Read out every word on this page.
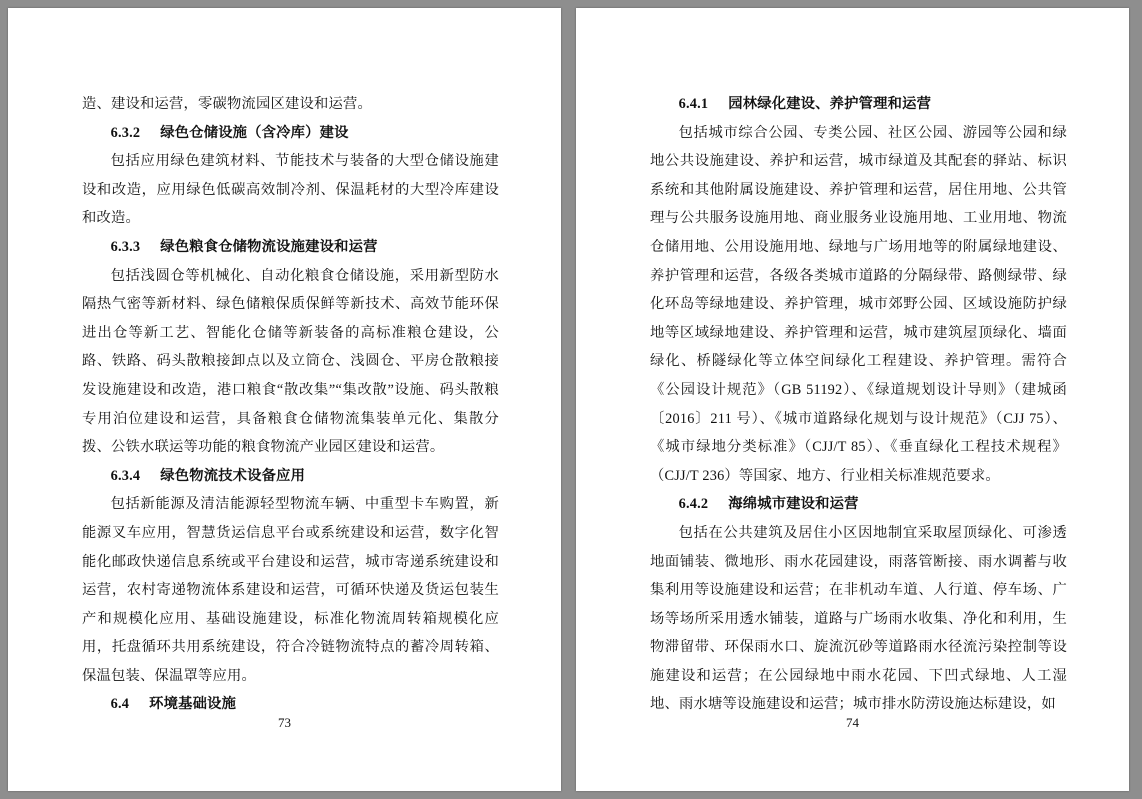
造、建设和运营，零碳物流园区建设和运营。

6.3.2 绿色仓储设施（含冷库）建设

包括应用绿色建筑材料、节能技术与装备的大型仓储设施建设和改造，应用绿色低碳高效制冷剂、保温耗材的大型冷库建设和改造。

6.3.3 绿色粮食仓储物流设施建设和运营

包括浅圆仓等机械化、自动化粮食仓储设施，采用新型防水隔热气密等新材料、绿色储粮保质保鲜等新技术、高效节能环保进出仓等新工艺、智能化仓储等新装备的高标准粮仓建设，公路、铁路、码头散粮接卸点以及立筒仓、浅圆仓、平房仓散粮接发设施建设和改造，港口粮食“散改集”“集改散”设施、码头散粮专用泊位建设和运营，具备粮食仓储物流集装单元化、集散分拨、公铁水联运等功能的粮食物流产业园区建设和运营。

6.3.4 绿色物流技术设备应用

包括新能源及清洁能源轻型物流车辆、中重型卡车购置，新能源叉车应用，智慧货运信息平台或系统建设和运营，数字化智能化邮政快递信息系统或平台建设和运营，城市寄递系统建设和运营，农村寄递物流体系建设和运营，可循环快递及货运包装生产和规模化应用、基础设施建设，标准化物流周转箱规模化应用，托盘循环共用系统建设，符合冷链物流特点的蓄冷周转箱、保温包装、保温罩等应用。

6.4 环境基础设施

73

6.4.1 园林绿化建设、养护管理和运营

包括城市综合公园、专类公园、社区公园、游园等公园和绿地公共设施建设、养护和运营，城市绿道及其配套的驿站、标识系统和其他附属设施建设、养护管理和运营，居住用地、公共管理与公共服务设施用地、商业服务业设施用地、工业用地、物流仓储用地、公用设施用地、绿地与广场用地等的附属绿地建设、养护管理和运营，各级各类城市道路的分隔绿带、路侧绿带、绿化环岛等绿地建设、养护管理，城市郊野公园、区域设施防护绿地等区域绿地建设、养护管理和运营，城市建筑屋顶绿化、墙面绿化、桥隧绿化等立体空间绿化工程建设、养护管理。需符合《公园设计规范》（GB 51192）、《绿道规划设计导则》（建城函〔2016〕211 号）、《城市道路绿化规划与设计规范》（CJJ 75）、《城市绿地分类标准》（CJJ/T 85）、《垂直绿化工程技术规程》（CJJ/T 236）等国家、地方、行业相关标准规范要求。

6.4.2 海绵城市建设和运营

包括在公共建筑及居住小区因地制宜采取屋顶绿化、可渗透地面铺装、微地形、雨水花园建设，雨落管断接、雨水调蓄与收集利用等设施建设和运营；在非机动车道、人行道、停车场、广场等场所采用透水铺装，道路与广场雨水收集、净化和利用，生物滞留带、环保雨水口、旋流沉砂等道路雨水径流污染控制等设施建设和运营；在公园绿地中雨水花园、下凹式绿地、人工湿地、雨水塘等设施建设和运营；城市排水防涝设施达标建设，如

74
